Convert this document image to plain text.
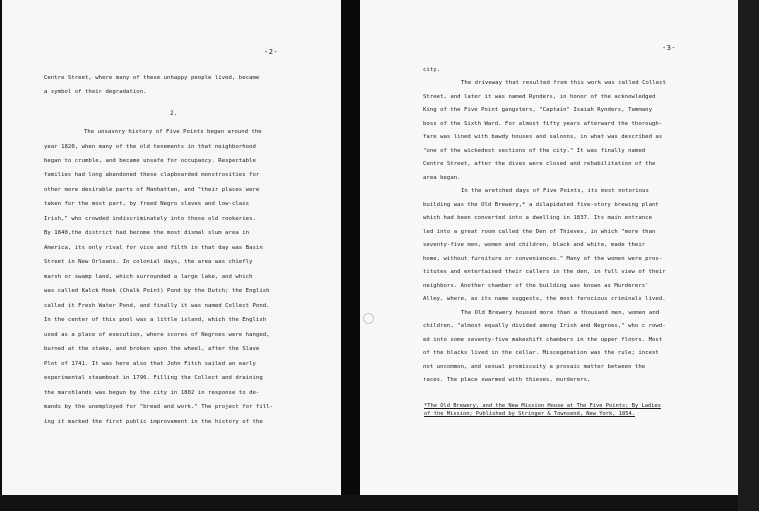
-2-
Centre Street, where many of these unhappy people lived, became
a symbol of their degradation.
2.
The unsavory history of Five Points began around the
year 1820, when many of the old tenements in that neighborhood
began to crumble, and became unsafe for occupancy. Respectable
families had long abandoned these clapboarded monstrosities for
other more desirable parts of Manhattan, and "their places were
taken for the most part, by freed Negro slaves and low-class
Irish," who crowded indiscriminately into these old rookeries.
By 1840,the district had become the most dismal slum area in
America, its only rival for vice and filth in that day was Basin
Street in New Orleans. In colonial days, the area was chiefly
marsh or swamp land, which surrounded a large lake, and which
was called Kalck Hoek (Chalk Point) Pond by the Dutch; the English
called it Fresh Water Pond, and finally it was named Collect Pond.
In the center of this pool was a little island, which the English
used as a place of execution, where scores of Negroes were hanged,
burned at the stake, and broken upon the wheel, after the Slave
Plot of 1741. It was here also that John Fitch sailed an early
experimental steamboat in 1796. Filling the Collect and draining
the marshlands was begun by the city in 1802 in response to de-
mands by the unemployed for "bread and work." The project for fill-
ing it marked the first public improvement in the history of the
-3-
city.
The driveway that resulted from this work was called Collect
Street, and later it was named Rynders, in honor of the acknowledged
King of the Five Point gangsters, "Captain" Isaiah Rynders, Tammany
boss of the Sixth Ward. For almost fifty years afterward the thorough-
fare was lined with bawdy houses and saloons, in what was described as
"one of the wickedest sections of the city." It was finally named
Centre Street, after the dives were closed and rehabilitation of the
area began.
In the wretched days of Five Points, its most notorious
building was the Old Brewery,* a dilapidated five-story brewing plant
which had been converted into a dwelling in 1837. Its main entrance
led into a great room called the Den of Thieves, in which "more than
seventy-five men, women and children, black and white, made their
home, without furniture or conveniences." Many of the women were pros-
titutes and entertained their callers in the den, in full view of their
neighbors. Another chamber of the building was known as Murderers'
Alley, where, as its name suggests, the most ferocious criminals lived.
The Old Brewery housed more than a thousand men, women and
children, "almost equally divided among Irish and Negroes," who c rowd-
ed into some seventy-five makeshift chambers in the upper floors. Most
of the blacks lived in the cellar. Miscegenation was the rule; incest
not uncommon, and sexual promiscuity a prosaic matter between the
races. The place swarmed with thieves, murderers,
*The Old Brewery, and the New Mission House at The Five Points; By Ladies
of the Mission; Published by Stringer & Townsend, New York, 1854.
